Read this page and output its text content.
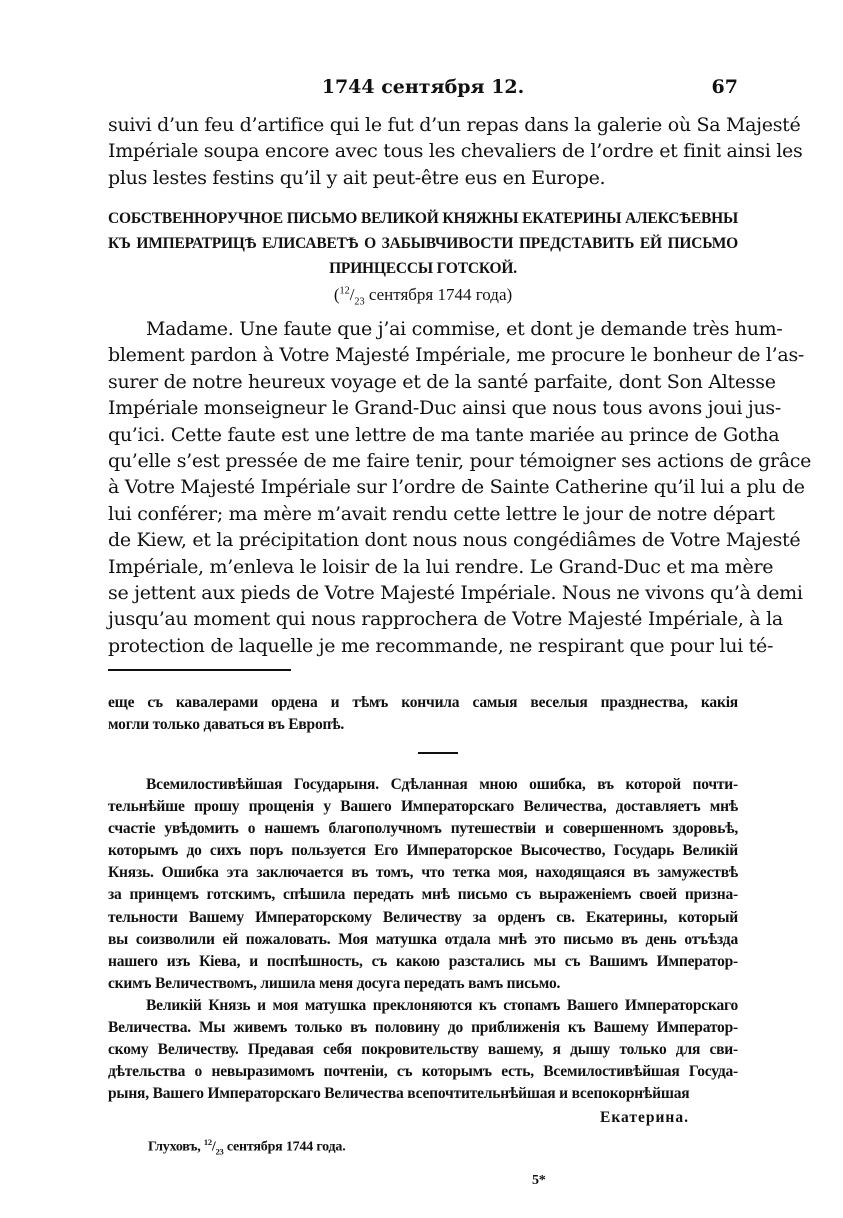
1744 сентября 12.	67
suivi d’un feu d’artifice qui le fut d’un repas dans la galerie où Sa Majesté
Impériale soupa encore avec tous les chevaliers de l’ordre et finit ainsi les
plus lestes festins qu’il y ait peut-être eus en Europe.
СОБСТВЕННОРУЧНОЕ ПИСЬМО ВЕЛИКОЙ КНЯЖНЫ ЕКАТЕРИНЫ АЛЕКСѢЕВНЫ
КЪ ИМПЕРАТРИЦѢ ЕЛИСАВЕТѢ О ЗАБЫВЧИВОСТИ ПРЕДСТАВИТЬ ЕЙ ПИСЬМО
ПРИНЦЕССЫ ГОТСКОЙ.
($^{12}/_{23}$ сентября 1744 года)
Madame. Une faute que j’ai commise, et dont je demande très hum-
blement pardon à Votre Majesté Impériale, me procure le bonheur de l’as-
surer de notre heureux voyage et de la santé parfaite, dont Son Altesse
Impériale monseigneur le Grand-Duc ainsi que nous tous avons joui jus-
qu’ici. Cette faute est une lettre de ma tante mariée au prince de Gotha
qu’elle s’est pressée de me faire tenir, pour témoigner ses actions de grâce
à Votre Majesté Impériale sur l’ordre de Sainte Catherine qu’il lui a plu de
lui conférer; ma mère m’avait rendu cette lettre le jour de notre départ
de Kiew, et la précipitation dont nous nous congédiâmes de Votre Majesté
Impériale, m’enleva le loisir de la lui rendre. Le Grand-Duc et ma mère
se jettent aux pieds de Votre Majesté Impériale. Nous ne vivons qu’à demi
jusqu’au moment qui nous rapprochera de Votre Majesté Impériale, à la
protection de laquelle je me recommande, ne respirant que pour lui té-
еще съ кавалерами ордена и тѣмъ кончила самыя веселыя празднества, какія
могли только даваться въ Европѣ.
Всемилостивѣйшая Государыня. Сдѣланная мною ошибка, въ которой почти-
тельнѣйше прошу прощенія у Вашего Императорскаго Величества, доставляетъ мнѣ
счастіе увѣдомить о нашемъ благополучномъ путешествіи и совершенномъ здоровьѣ,
которымъ до сихъ поръ пользуется Его Императорское Высочество, Государь Великій
Князь. Ошибка эта заключается въ томъ, что тетка моя, находящаяся въ замужествѣ
за принцемъ готскимъ, спѣшила передать мнѣ письмо съ выраженіемъ своей призна-
тельности Вашему Императорскому Величеству за орденъ св. Екатерины, который
вы соизволили ей пожаловать. Моя матушка отдала мнѣ это письмо въ день отъѣзда
нашего изъ Кіева, и поспѣшность, съ какою разстались мы съ Вашимъ Император-
скимъ Величествомъ, лишила меня досуга передать вамъ письмо.
Великій Князь и моя матушка преклоняются къ стопамъ Вашего Императорскаго
Величества. Мы живемъ только въ половину до приближенія къ Вашему Император-
скому Величеству. Предавая себя покровительству вашему, я дышу только для сви-
дѣтельства о невыразимомъ почтеніи, съ которымъ есть, Всемилостивѣйшая Госуда-
рыня, Вашего Императорскаго Величества всепочтительнѣйшая и всепокорнѣйшая
Екатерина.
Глуховъ, $^{12}/_{23}$ сентября 1744 года.
5*
